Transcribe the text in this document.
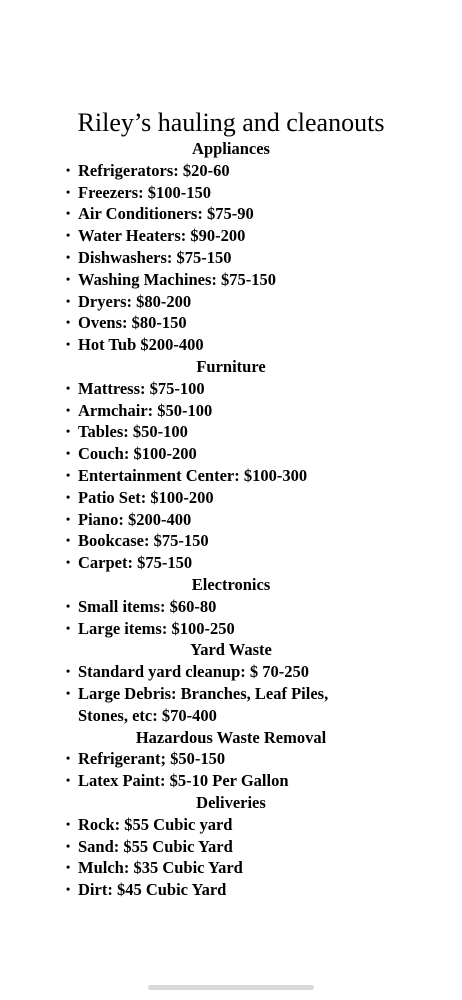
Riley’s hauling and cleanouts
Appliances
• Refrigerators: $20-60
• Freezers: $100-150
• Air Conditioners: $75-90
• Water Heaters: $90-200
• Dishwashers: $75-150
• Washing Machines: $75-150
• Dryers: $80-200
• Ovens: $80-150
• Hot Tub $200-400
Furniture
• Mattress: $75-100
• Armchair: $50-100
• Tables: $50-100
• Couch: $100-200
• Entertainment Center: $100-300
• Patio Set: $100-200
• Piano: $200-400
• Bookcase: $75-150
• Carpet: $75-150
Electronics
• Small items: $60-80
• Large items: $100-250
Yard Waste
• Standard yard cleanup: $ 70-250
• Large Debris: Branches, Leaf Piles,
Stones, etc: $70-400
Hazardous Waste Removal
• Refrigerant; $50-150
• Latex Paint: $5-10 Per Gallon
Deliveries
• Rock: $55 Cubic yard
• Sand: $55 Cubic Yard
• Mulch: $35 Cubic Yard
• Dirt: $45 Cubic Yard
